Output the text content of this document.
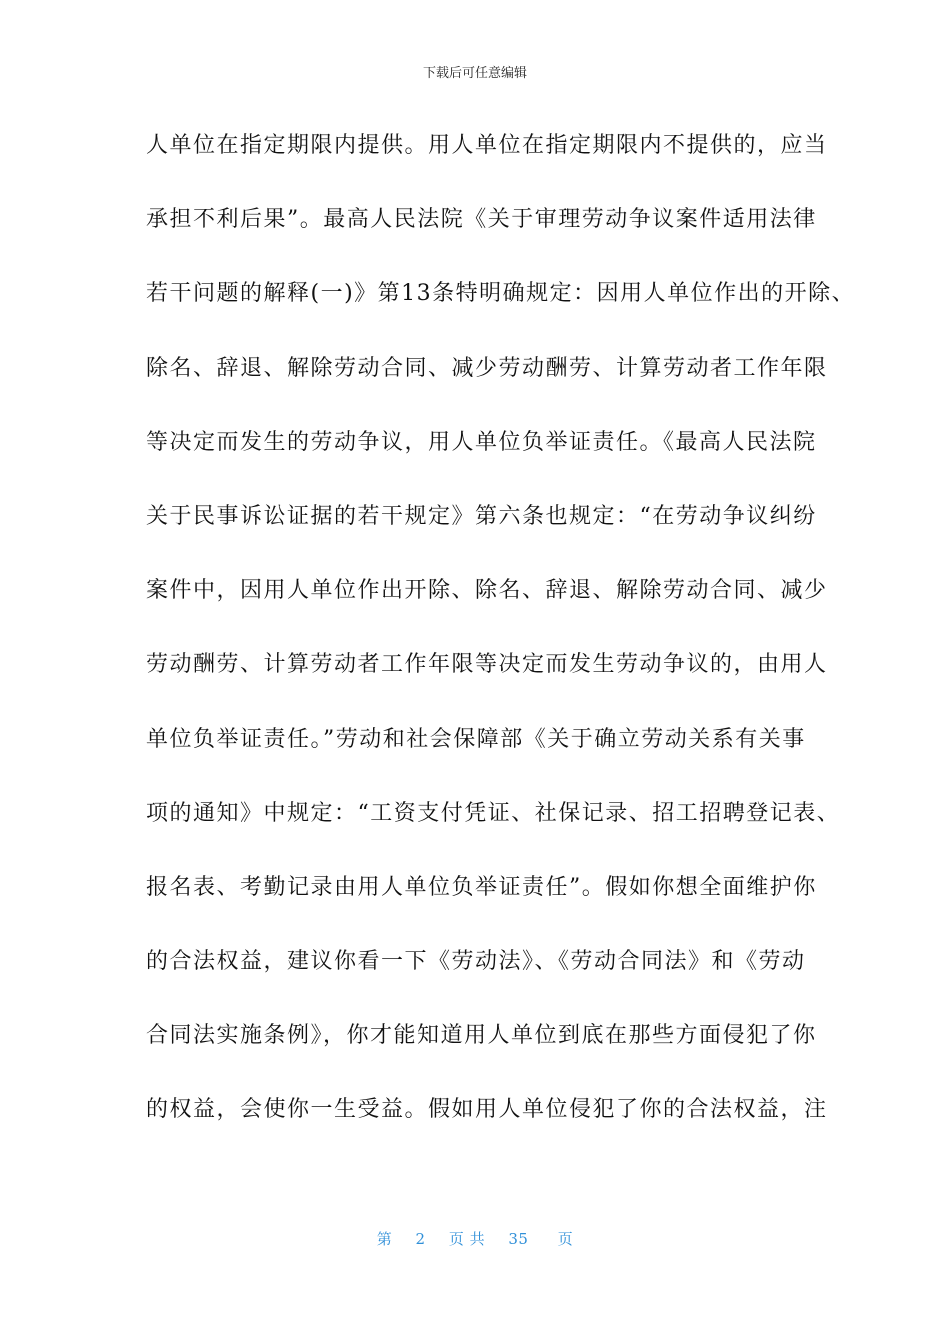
下载后可任意编辑
人单位在指定期限内提供。用人单位在指定期限内不提供的，应当
承担不利后果”。最高人民法院《关于审理劳动争议案件适用法律
若干问题的解释(一)》第13条特明确规定：因用人单位作出的开除、
除名、辞退、解除劳动合同、减少劳动酬劳、计算劳动者工作年限
等决定而发生的劳动争议，用人单位负举证责任。《最高人民法院
关于民事诉讼证据的若干规定》第六条也规定：“在劳动争议纠纷
案件中，因用人单位作出开除、除名、辞退、解除劳动合同、减少
劳动酬劳、计算劳动者工作年限等决定而发生劳动争议的，由用人
单位负举证责任。”劳动和社会保障部《关于确立劳动关系有关事
项的通知》中规定：“工资支付凭证、社保记录、招工招聘登记表、
报名表、考勤记录由用人单位负举证责任”。假如你想全面维护你
的合法权益，建议你看一下《劳动法》、《劳动合同法》和《劳动
合同法实施条例》，你才能知道用人单位到底在那些方面侵犯了你
的权益，会使你一生受益。假如用人单位侵犯了你的合法权益，注
第 2 页 共 35 页
